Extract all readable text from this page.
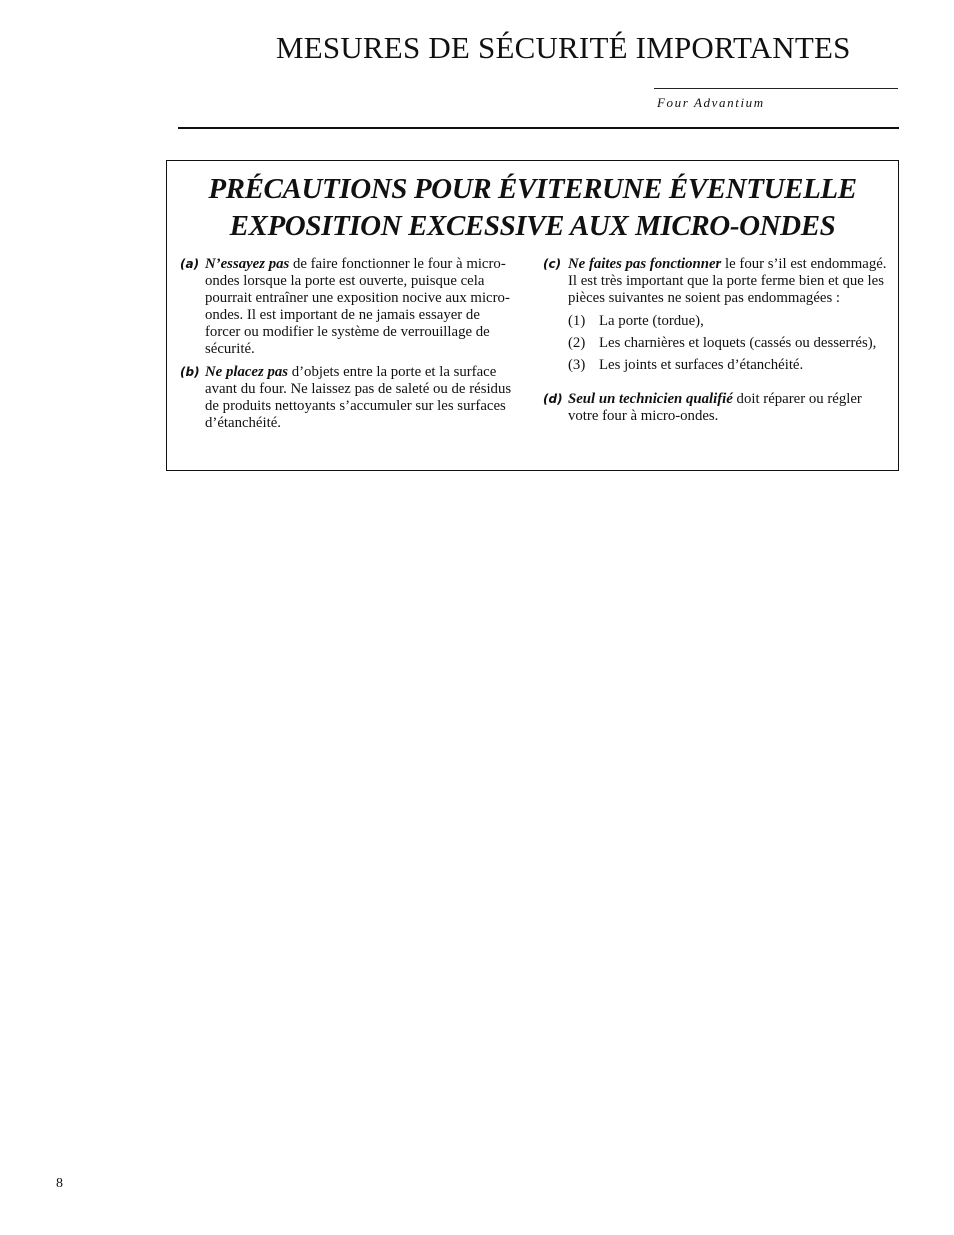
MESURES DE SÉCURITÉ IMPORTANTES
Four Advantium
PRÉCAUTIONS POUR ÉVITERUNE ÉVENTUELLE
EXPOSITION EXCESSIVE AUX MICRO-ONDES
(a) N’essayez pas de faire fonctionner le four à micro-ondes lorsque la porte est ouverte, puisque cela pourrait entraîner une exposition nocive aux micro-ondes. Il est important de ne jamais essayer de forcer ou modifier le système de verrouillage de sécurité.
(b) Ne placez pas d’objets entre la porte et la surface avant du four. Ne laissez pas de saleté ou de résidus de produits nettoyants s’accumuler sur les surfaces d’étanchéité.
(c) Ne faites pas fonctionner le four s’il est endommagé. Il est très important que la porte ferme bien et que les pièces suivantes ne soient pas endommagées :
(1) La porte (tordue),
(2) Les charnières et loquets (cassés ou desserrés),
(3) Les joints et surfaces d’étanchéité.
(d) Seul un technicien qualifié doit réparer ou régler votre four à micro-ondes.
8
